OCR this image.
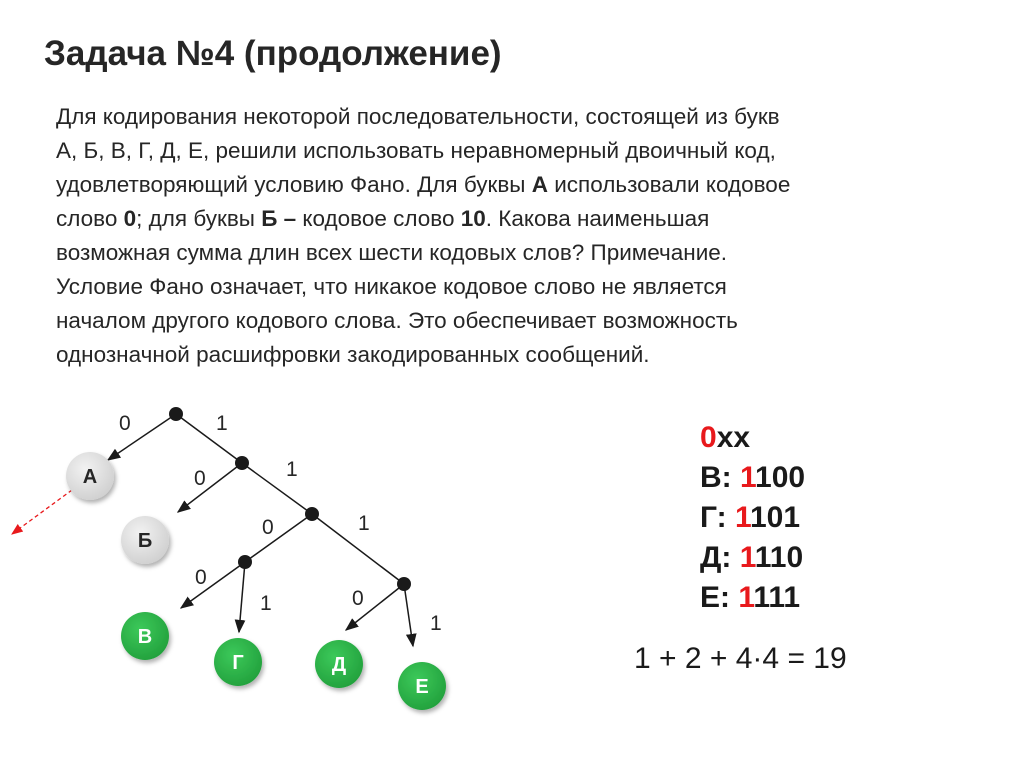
Задача №4 (продолжение)
Для кодирования некоторой последовательности, состоящей из букв
А, Б, В, Г, Д, Е, решили использовать неравномерный двоичный код,
удовлетворяющий условию Фано. Для буквы А использовали кодовое
слово 0; для буквы Б – кодовое слово 10. Какова наименьшая
возможная сумма длин всех шести кодовых слов? Примечание.
Условие Фано означает, что никакое кодовое слово не является
началом другого кодового слова. Это обеспечивает возможность
однозначной расшифровки закодированных сообщений.
0	1
0	1
0	1
0
1	0
1
А
Б
В
Г	Д
Е
0xx
В: 1100
Г: 1101
Д: 1110
Е: 1111
1 + 2 + 4·4 = 19
